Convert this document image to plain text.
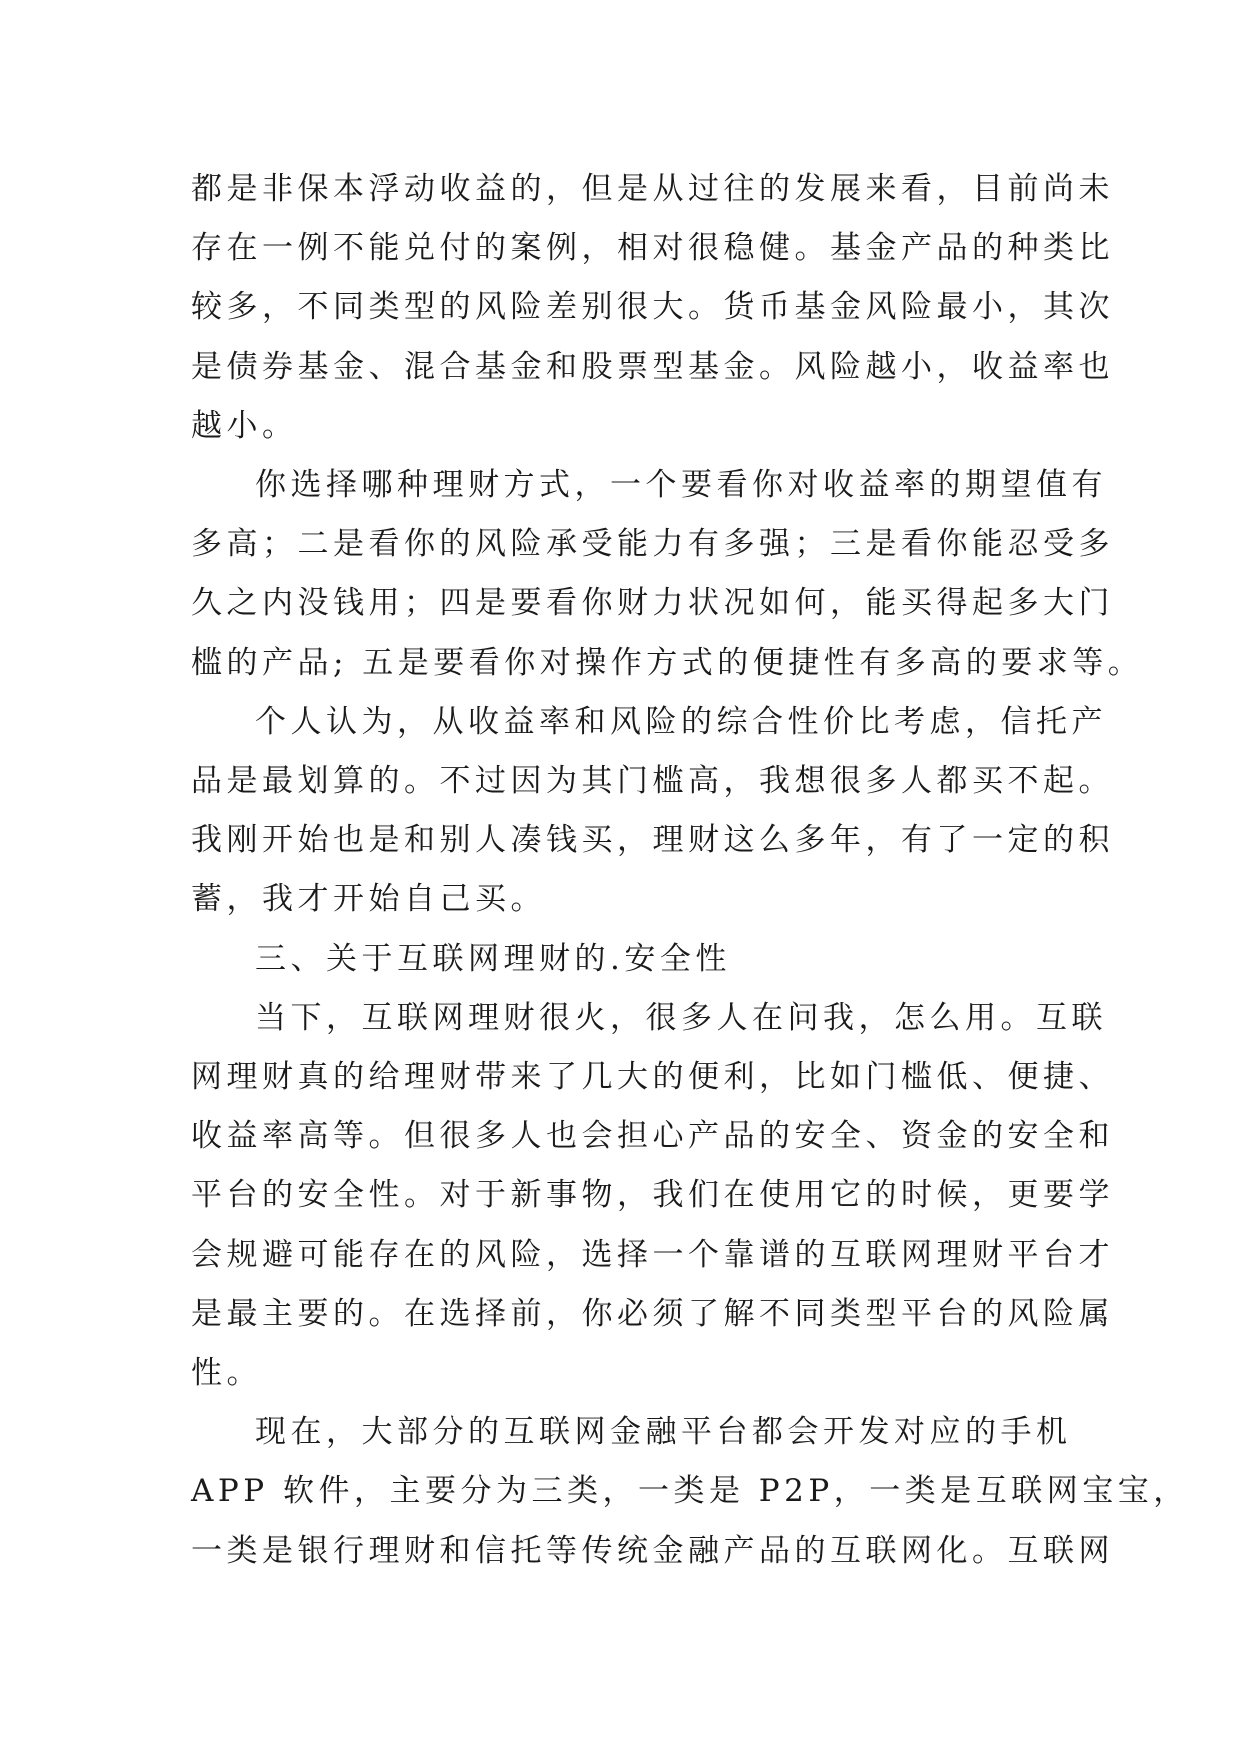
都是非保本浮动收益的，但是从过往的发展来看，目前尚未
存在一例不能兑付的案例，相对很稳健。基金产品的种类比
较多，不同类型的风险差别很大。货币基金风险最小，其次
是债券基金、混合基金和股票型基金。风险越小，收益率也
越小。

你选择哪种理财方式，一个要看你对收益率的期望值有
多高；二是看你的风险承受能力有多强；三是看你能忍受多
久之内没钱用；四是要看你财力状况如何，能买得起多大门
槛的产品; 五是要看你对操作方式的便捷性有多高的要求等。

个人认为，从收益率和风险的综合性价比考虑，信托产
品是最划算的。不过因为其门槛高，我想很多人都买不起。
我刚开始也是和别人凑钱买，理财这么多年，有了一定的积
蓄，我才开始自己买。

三、关于互联网理财的.安全性

当下，互联网理财很火，很多人在问我，怎么用。互联
网理财真的给理财带来了几大的便利，比如门槛低、便捷、
收益率高等。但很多人也会担心产品的安全、资金的安全和
平台的安全性。对于新事物，我们在使用它的时候，更要学
会规避可能存在的风险，选择一个靠谱的互联网理财平台才
是最主要的。在选择前，你必须了解不同类型平台的风险属
性。

现在，大部分的互联网金融平台都会开发对应的手机
APP 软件，主要分为三类，一类是 P2P，一类是互联网宝宝，
一类是银行理财和信托等传统金融产品的互联网化。互联网
